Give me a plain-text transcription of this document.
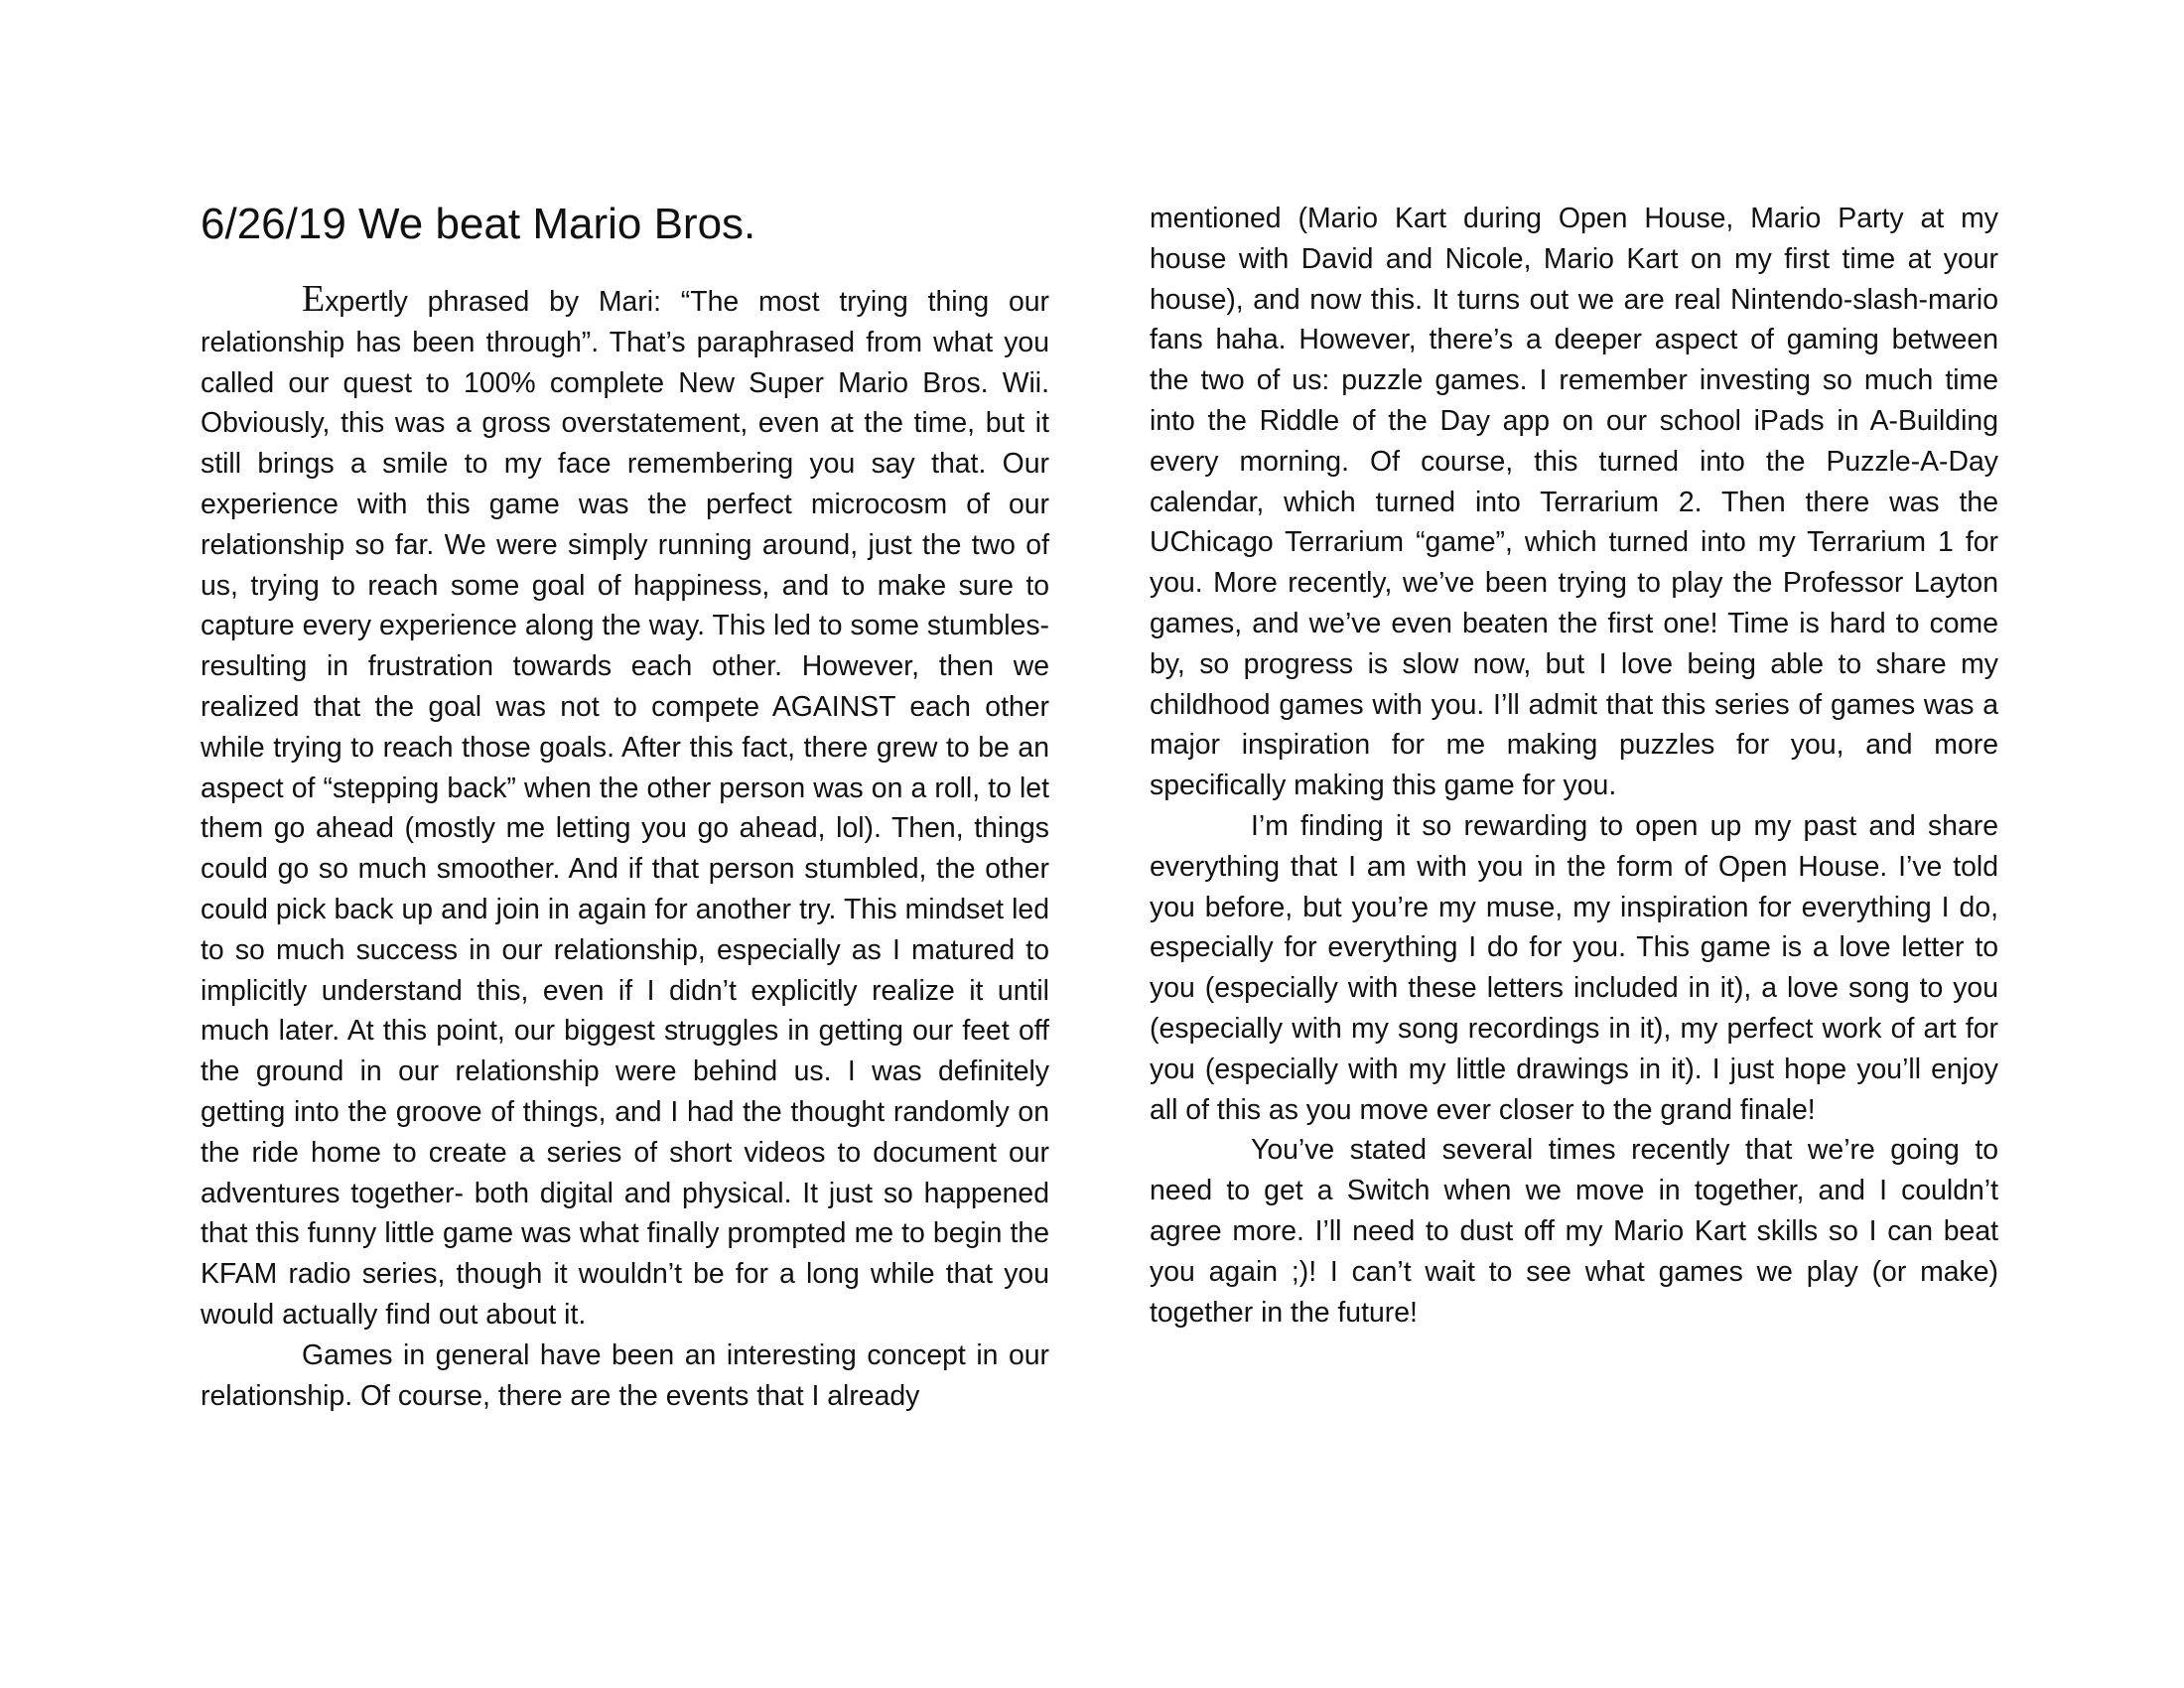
6/26/19 We beat Mario Bros.

Expertly phrased by Mari: “The most trying thing our relationship has been through”. That’s paraphrased from what you called our quest to 100% complete New Super Mario Bros. Wii. Obviously, this was a gross overstatement, even at the time, but it still brings a smile to my face remembering you say that. Our experience with this game was the perfect microcosm of our relationship so far. We were simply running around, just the two of us, trying to reach some goal of happiness, and to make sure to capture every experience along the way. This led to some stumbles- resulting in frustration towards each other. However, then we realized that the goal was not to compete AGAINST each other while trying to reach those goals. After this fact, there grew to be an aspect of “stepping back” when the other person was on a roll, to let them go ahead (mostly me letting you go ahead, lol). Then, things could go so much smoother. And if that person stumbled, the other could pick back up and join in again for another try. This mindset led to so much success in our relationship, especially as I matured to implicitly understand this, even if I didn’t explicitly realize it until much later. At this point, our biggest struggles in getting our feet off the ground in our relationship were behind us. I was definitely getting into the groove of things, and I had the thought randomly on the ride home to create a series of short videos to document our adventures together- both digital and physical. It just so happened that this funny little game was what finally prompted me to begin the KFAM radio series, though it wouldn’t be for a long while that you would actually find out about it.

Games in general have been an interesting concept in our relationship. Of course, there are the events that I already

mentioned (Mario Kart during Open House, Mario Party at my house with David and Nicole, Mario Kart on my first time at your house), and now this. It turns out we are real Nintendo-slash-mario fans haha. However, there’s a deeper aspect of gaming between the two of us: puzzle games. I remember investing so much time into the Riddle of the Day app on our school iPads in A-Building every morning. Of course, this turned into the Puzzle-A-Day calendar, which turned into Terrarium 2. Then there was the UChicago Terrarium “game”, which turned into my Terrarium 1 for you. More recently, we’ve been trying to play the Professor Layton games, and we’ve even beaten the first one! Time is hard to come by, so progress is slow now, but I love being able to share my childhood games with you. I’ll admit that this series of games was a major inspiration for me making puzzles for you, and more specifically making this game for you.

I’m finding it so rewarding to open up my past and share everything that I am with you in the form of Open House. I’ve told you before, but you’re my muse, my inspiration for everything I do, especially for everything I do for you. This game is a love letter to you (especially with these letters included in it), a love song to you (especially with my song recordings in it), my perfect work of art for you (especially with my little drawings in it). I just hope you’ll enjoy all of this as you move ever closer to the grand finale!

You’ve stated several times recently that we’re going to need to get a Switch when we move in together, and I couldn’t agree more. I’ll need to dust off my Mario Kart skills so I can beat you again ;)! I can’t wait to see what games we play (or make) together in the future!
